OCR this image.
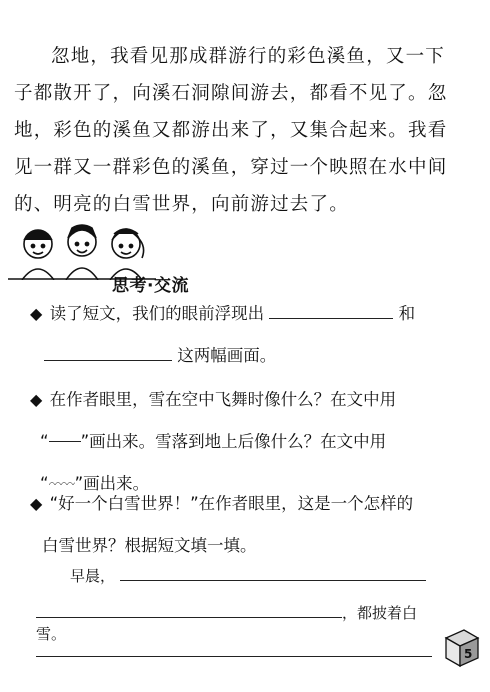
忽地，我看见那成群游行的彩色溪鱼，又一下子都散开了，向溪石洞隙间游去，都看不见了。忽地，彩色的溪鱼又都游出来了，又集合起来。我看见一群又一群彩色的溪鱼，穿过一个映照在水中间的、明亮的白雪世界，向前游过去了。

思考·交流
◆ 读了短文，我们的眼前浮现出	和
这两幅画面。
◆ 在作者眼里，雪在空中飞舞时像什么？在文中用
“ ”画出来。雪落到地上后像什么？在文中用
“ ”画出来。
◆ “好一个白雪世界！”在作者眼里，这是一个怎样的
白雪世界？根据短文填一填。
早晨，
，都披着白雪。
5
